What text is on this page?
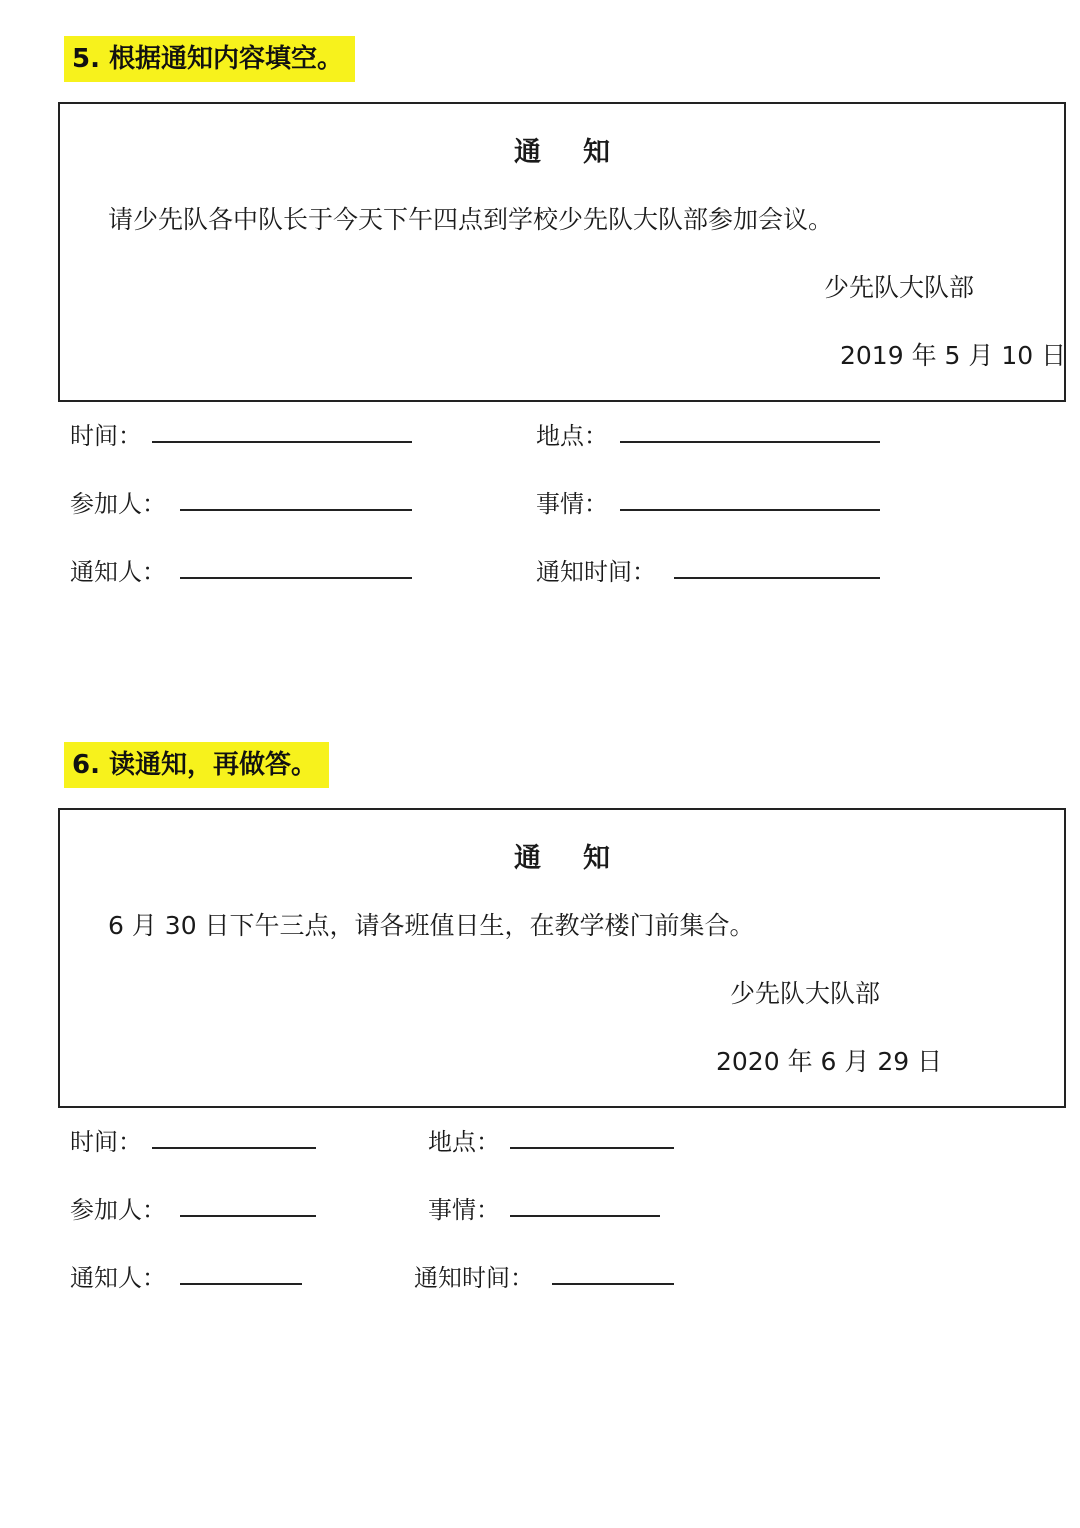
5. 根据通知内容填空。
通知
请少先队各中队长于今天下午四点到学校少先队大队部参加会议。
少先队大队部
2019 年 5 月 10 日
时间：	地点：
参加人：	事情：
通知人：	通知时间：
6. 读通知，再做答。
通知
6 月 30 日下午三点，请各班值日生，在教学楼门前集合。
少先队大队部
2020 年 6 月 29 日
时间：	地点：
参加人：	事情：
通知人：	通知时间：
